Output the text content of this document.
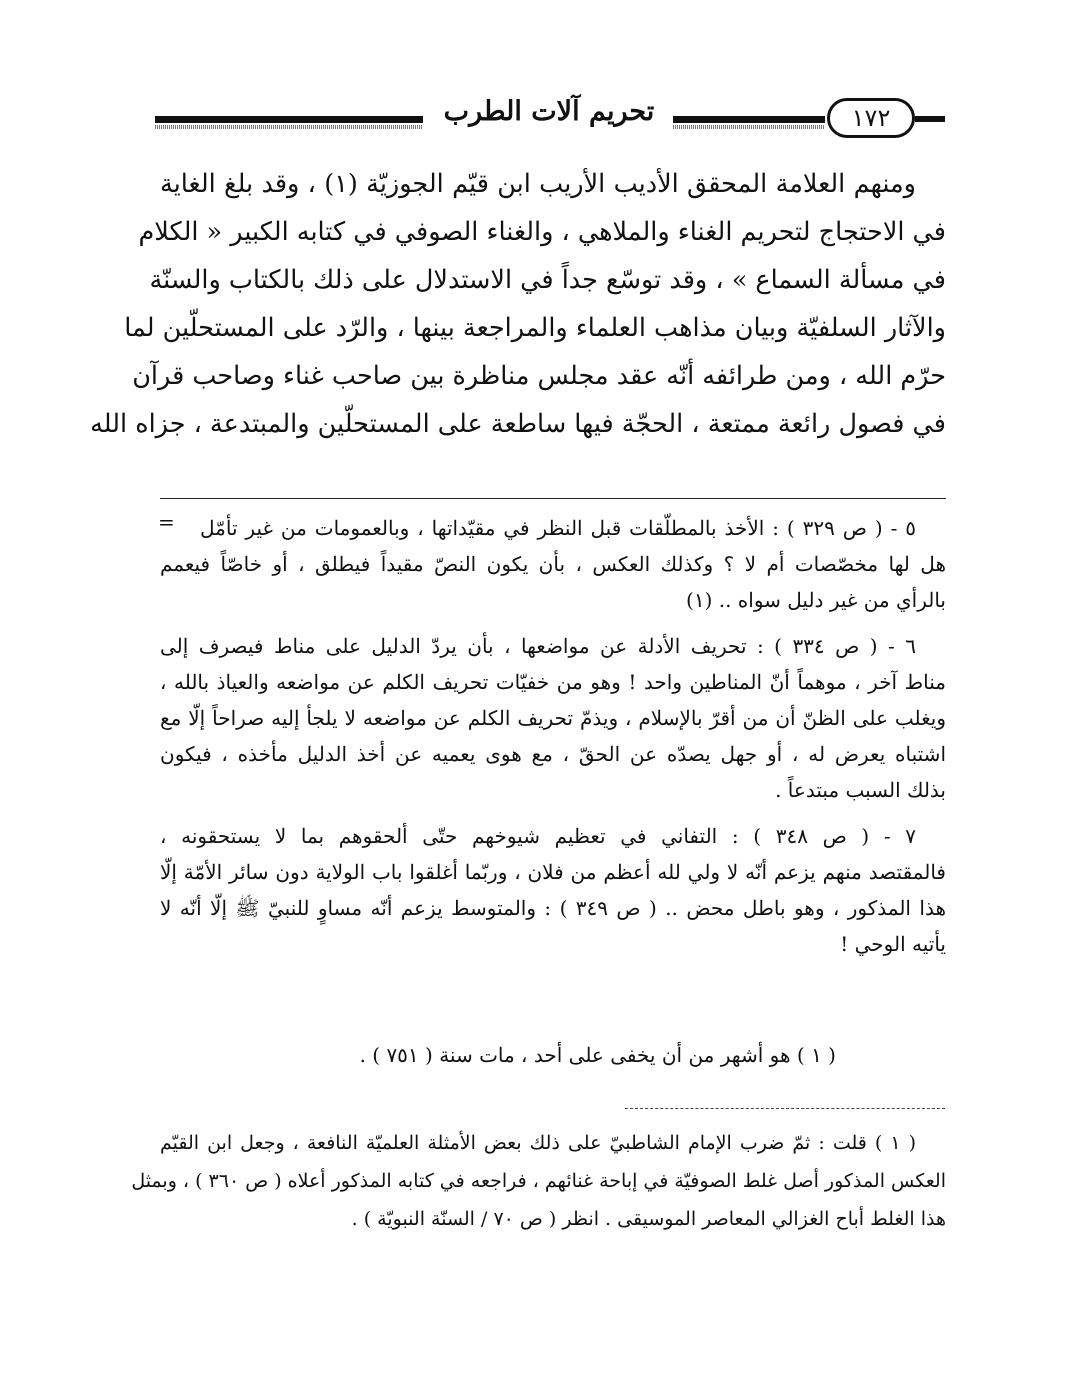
تحريم آلات الطرب	١٧٢
ومنهم العلامة المحقق الأديب الأريب ابن قيّم الجوزيّة (١) ، وقد بلغ الغاية
في الاحتجاج لتحريم الغناء والملاهي ، والغناء الصوفي في كتابه الكبير « الكلام
في مسألة السماع » ، وقد توسّع جداً في الاستدلال على ذلك بالكتاب والسنّة
والآثار السلفيّة وبيان مذاهب العلماء والمراجعة بينها ، والرّد على المستحلّين لما
حرّم الله ، ومن طرائفه أنّه عقد مجلس مناظرة بين صاحب غناء وصاحب قرآن
في فصول رائعة ممتعة ، الحجّة فيها ساطعة على المستحلّين والمبتدعة ، جزاه الله
=	٥ - ( ص ٣٢٩ ) : الأخذ بالمطلّقات قبل النظر في مقيّداتها ، وبالعمومات من غير تأمّل
هل لها مخصّصات أم لا ؟ وكذلك العكس ، بأن يكون النصّ مقيداً فيطلق ، أو خاصّاً فيعمم
بالرأي من غير دليل سواه .. (١)
٦ - ( ص ٣٣٤ ) : تحريف الأدلة عن مواضعها ، بأن يردّ الدليل على مناط فيصرف إلى
مناط آخر ، موهماً أنّ المناطين واحد ! وهو من خفيّات تحريف الكلم عن مواضعه والعياذ بالله ،
ويغلب على الظنّ أن من أقرّ بالإسلام ، ويذمّ تحريف الكلم عن مواضعه لا يلجأ إليه صراحاً إلّا مع
اشتباه يعرض له ، أو جهل يصدّه عن الحقّ ، مع هوى يعميه عن أخذ الدليل مأخذه ، فيكون
بذلك السبب مبتدعاً .
٧ - ( ص ٣٤٨ ) : التفاني في تعظيم شيوخهم حتّى ألحقوهم بما لا يستحقونه ،
فالمقتصد منهم يزعم أنّه لا ولي لله أعظم من فلان ، وربّما أغلقوا باب الولاية دون سائر الأمّة إلّا
هذا المذكور ، وهو باطل محض .. ( ص ٣٤٩ ) : والمتوسط يزعم أنّه مساوٍ للنبيّ ﷺ إلّا أنّه لا
يأتيه الوحي !
( ١ ) هو أشهر من أن يخفى على أحد ، مات سنة ( ٧٥١ ) .
( ١ ) قلت : ثمّ ضرب الإمام الشاطبيّ على ذلك بعض الأمثلة العلميّة النافعة ، وجعل ابن القيّم
العكس المذكور أصل غلط الصوفيّة في إباحة غنائهم ، فراجعه في كتابه المذكور أعلاه ( ص ٣٦٠ ) ، وبمثل
هذا الغلط أباح الغزالي المعاصر الموسيقى . انظر ( ص ٧٠ / السنّة النبويّة ) .
